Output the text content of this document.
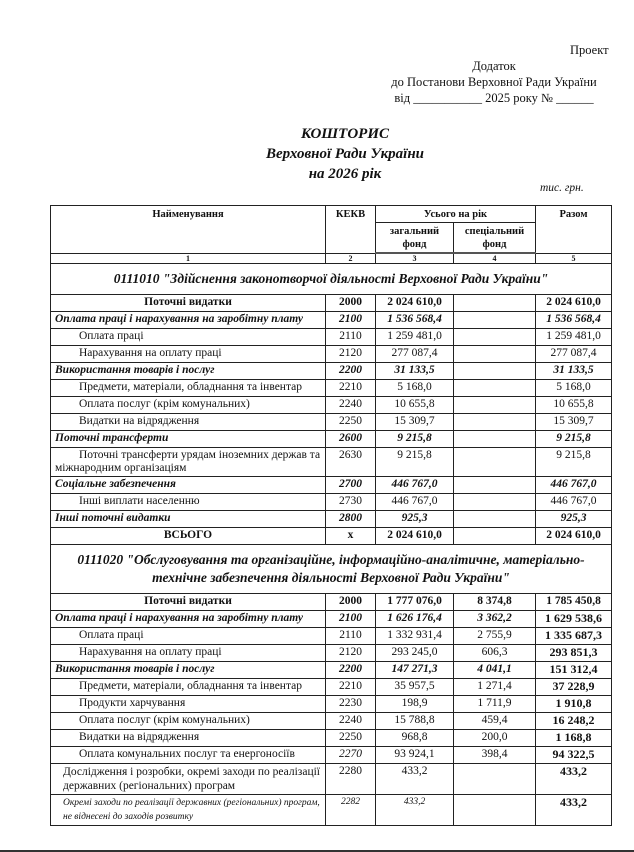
Проект
Додаток
до Постанови Верховної Ради України
від ___________ 2025 року № ______
КОШТОРИС
Верховної Ради України
на 2026 рік
тис. грн.
Найменування	КЕКВ	Усього на рік		Разом
		загальний фонд	спеціальний фонд	
1	2	3	4	5
0111010 "Здійснення законотворчої діяльності Верховної Ради України"				
Поточні видатки	2000	2 024 610,0		2 024 610,0
Оплата праці і нарахування на заробітну плату	2100	1 536 568,4		1 536 568,4
Оплата праці	2110	1 259 481,0		1 259 481,0
Нарахування на оплату праці	2120	277 087,4		277 087,4
Використання товарів і послуг	2200	31 133,5		31 133,5
Предмети, матеріали, обладнання та інвентар	2210	5 168,0		5 168,0
Оплата послуг (крім комунальних)	2240	10 655,8		10 655,8
Видатки на відрядження	2250	15 309,7		15 309,7
Поточні трансферти	2600	9 215,8		9 215,8
Поточні трансферти урядам іноземних держав та міжнародним організаціям	2630	9 215,8		9 215,8
Соціальне забезпечення	2700	446 767,0		446 767,0
Інші виплати населенню	2730	446 767,0		446 767,0
Інші поточні видатки	2800	925,3		925,3
ВСЬОГО	х	2 024 610,0		2 024 610,0
0111020 "Обслуговування та організаційне, інформаційно-аналітичне, матеріально-технічне забезпечення діяльності Верховної Ради України"				
Поточні видатки	2000	1 777 076,0	8 374,8	1 785 450,8
Оплата праці і нарахування на заробітну плату	2100	1 626 176,4	3 362,2	1 629 538,6
Оплата праці	2110	1 332 931,4	2 755,9	1 335 687,3
Нарахування на оплату праці	2120	293 245,0	606,3	293 851,3
Використання товарів і послуг	2200	147 271,3	4 041,1	151 312,4
Предмети, матеріали, обладнання та інвентар	2210	35 957,5	1 271,4	37 228,9
Продукти харчування	2230	198,9	1 711,9	1 910,8
Оплата послуг (крім комунальних)	2240	15 788,8	459,4	16 248,2
Видатки на відрядження	2250	968,8	200,0	1 168,8
Оплата комунальних послуг та енергоносіїв	2270	93 924,1	398,4	94 322,5
Дослідження і розробки, окремі заходи по реалізації державних (регіональних) програм	2280	433,2		433,2
Окремі заходи по реалізації державних (регіональних) програм, не віднесені до заходів розвитку	2282	433,2		433,2
